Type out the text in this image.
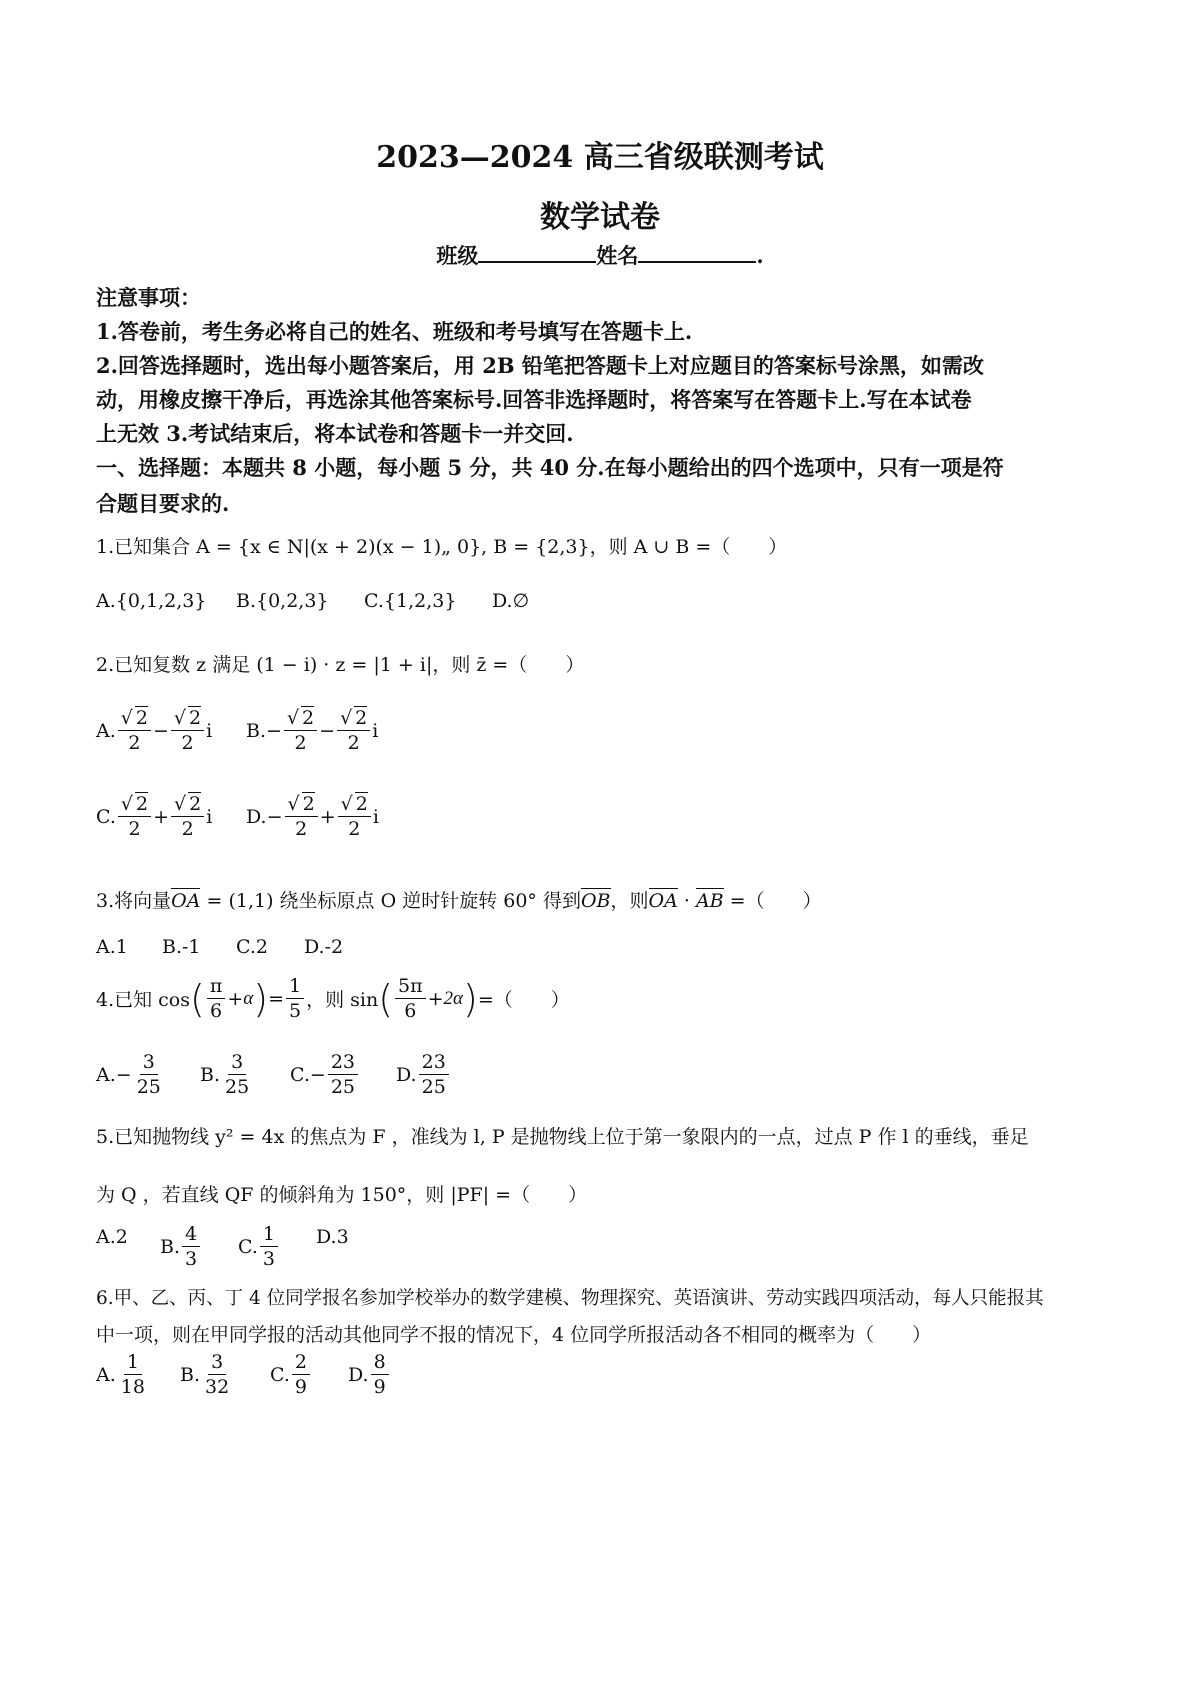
2023—2024 高三省级联测考试
数学试卷
班级	姓名	.
注意事项：
1.答卷前，考生务必将自己的姓名、班级和考号填写在答题卡上.
2.回答选择题时，选出每小题答案后，用 2B 铅笔把答题卡上对应题目的答案标号涂黑，如需改
动，用橡皮擦干净后，再选涂其他答案标号.回答非选择题时，将答案写在答题卡上.写在本试卷
上无效 3.考试结束后，将本试卷和答题卡一并交回.
一、选择题：本题共 8 小题，每小题 5 分，共 40 分.在每小题给出的四个选项中，只有一项是符
合题目要求的.
1.已知集合 A = {x ∈ N|(x + 2)(x − 1)„ 0}, B = {2,3}，则 A ∪ B =（　　）
A.{0,1,2,3} B.{0,2,3} C.{1,2,3} D.∅
2.已知复数 z 满足 (1 − i) · z = |1 + i|，则 z̄ =（　　）
A. $\frac{√ 2}{2} - \frac{√ 2}{2}$ i B. − $\frac{√ 2}{2} - \frac{√ 2}{2}$ i
C. $\frac{√ 2}{2} + \frac{√ 2}{2}$ i D. − $\frac{√ 2}{2} + \frac{√ 2}{2}$ i
3.将向量OA = (1,1) 绕坐标原点 O 逆时针旋转 60° 得到OB，则OA · AB =（　　）
A.1 B.-1 C.2 D.-2
4.已知 cos ( $\frac{\pi}{6} + \alpha$ ) = $\frac{1}{5}$ ，则 sin ( $\frac{5\pi}{6} + 2\alpha$ ) =（　　）
$A.- \frac{3}{25} B$. $\frac{3}{25} C.- \frac{23}{25} D$. $\frac{23}{25}$
5.已知抛物线 y² = 4x 的焦点为 F ，准线为 l, P 是抛物线上位于第一象限内的一点，过点 P 作 l 的垂线，垂足
为 Q ，若直线 QF 的倾斜角为 150°，则 |PF| =（　　）
A.2 B. $\frac{4}{3} C$. $\frac{1}{3} D.3$
6.甲、乙、丙、丁 4 位同学报名参加学校举办的数学建模、物理探究、英语演讲、劳动实践四项活动，每人只能报其
中一项，则在甲同学报的活动其他同学不报的情况下，4 位同学所报活动各不相同的概率为（　　）
A. $\frac{1}{18} B$. $\frac{3}{32} C$. $\frac{2}{9} D$. $\frac{8}{9}$
